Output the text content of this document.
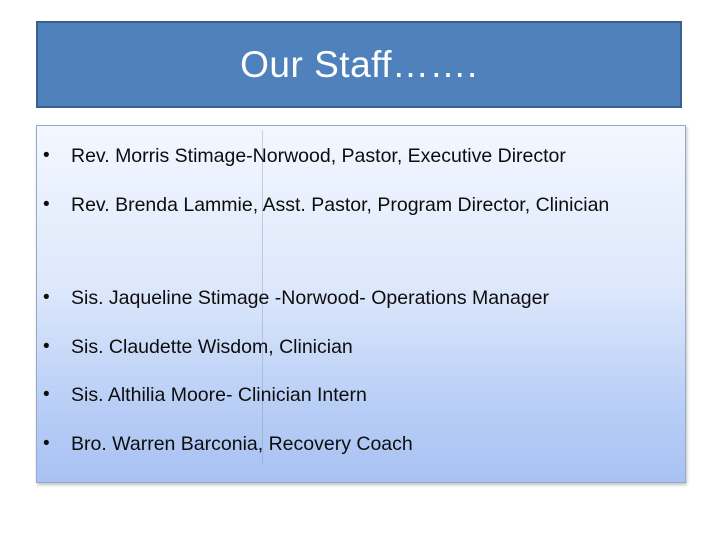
Our Staff…….
• Rev. Morris Stimage-Norwood, Pastor, Executive Director
• Rev. Brenda Lammie, Asst. Pastor, Program Director, Clinician
• Sis. Jaqueline Stimage -Norwood- Operations Manager
• Sis. Claudette Wisdom, Clinician
• Sis. Althilia Moore- Clinician Intern
• Bro. Warren Barconia, Recovery Coach
